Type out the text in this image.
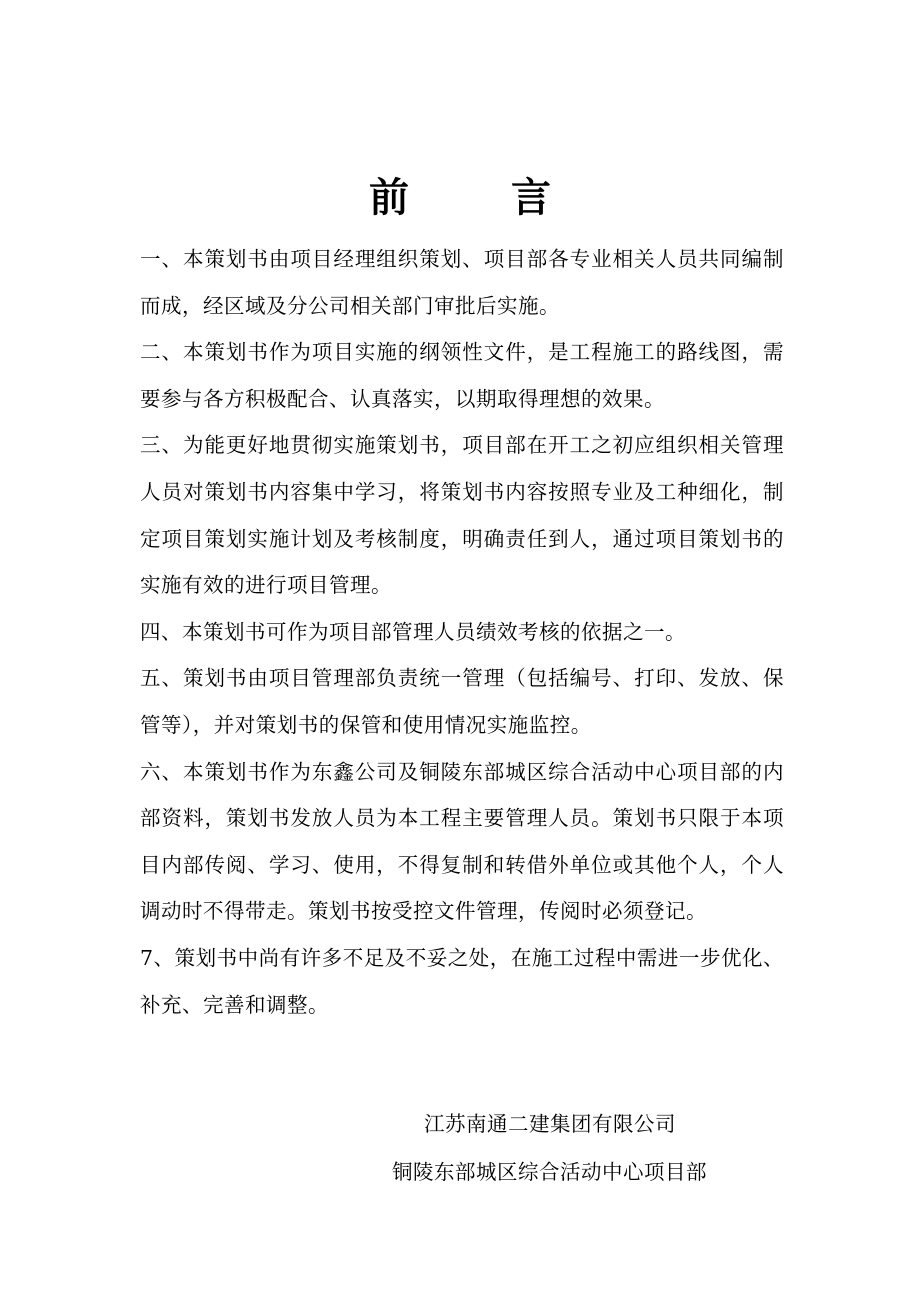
前 言

一、本策划书由项目经理组织策划、项目部各专业相关人员共同编制而成，经区域及分公司相关部门审批后实施。

二、本策划书作为项目实施的纲领性文件，是工程施工的路线图，需要参与各方积极配合、认真落实，以期取得理想的效果。

三、为能更好地贯彻实施策划书，项目部在开工之初应组织相关管理人员对策划书内容集中学习，将策划书内容按照专业及工种细化，制定项目策划实施计划及考核制度，明确责任到人，通过项目策划书的实施有效的进行项目管理。

四、本策划书可作为项目部管理人员绩效考核的依据之一。

五、策划书由项目管理部负责统一管理（包括编号、打印、发放、保管等），并对策划书的保管和使用情况实施监控。

六、本策划书作为东鑫公司及铜陵东部城区综合活动中心项目部的内部资料，策划书发放人员为本工程主要管理人员。策划书只限于本项目内部传阅、学习、使用，不得复制和转借外单位或其他个人，个人调动时不得带走。策划书按受控文件管理，传阅时必须登记。

7、策划书中尚有许多不足及不妥之处，在施工过程中需进一步优化、补充、完善和调整。

江苏南通二建集团有限公司

铜陵东部城区综合活动中心项目部
